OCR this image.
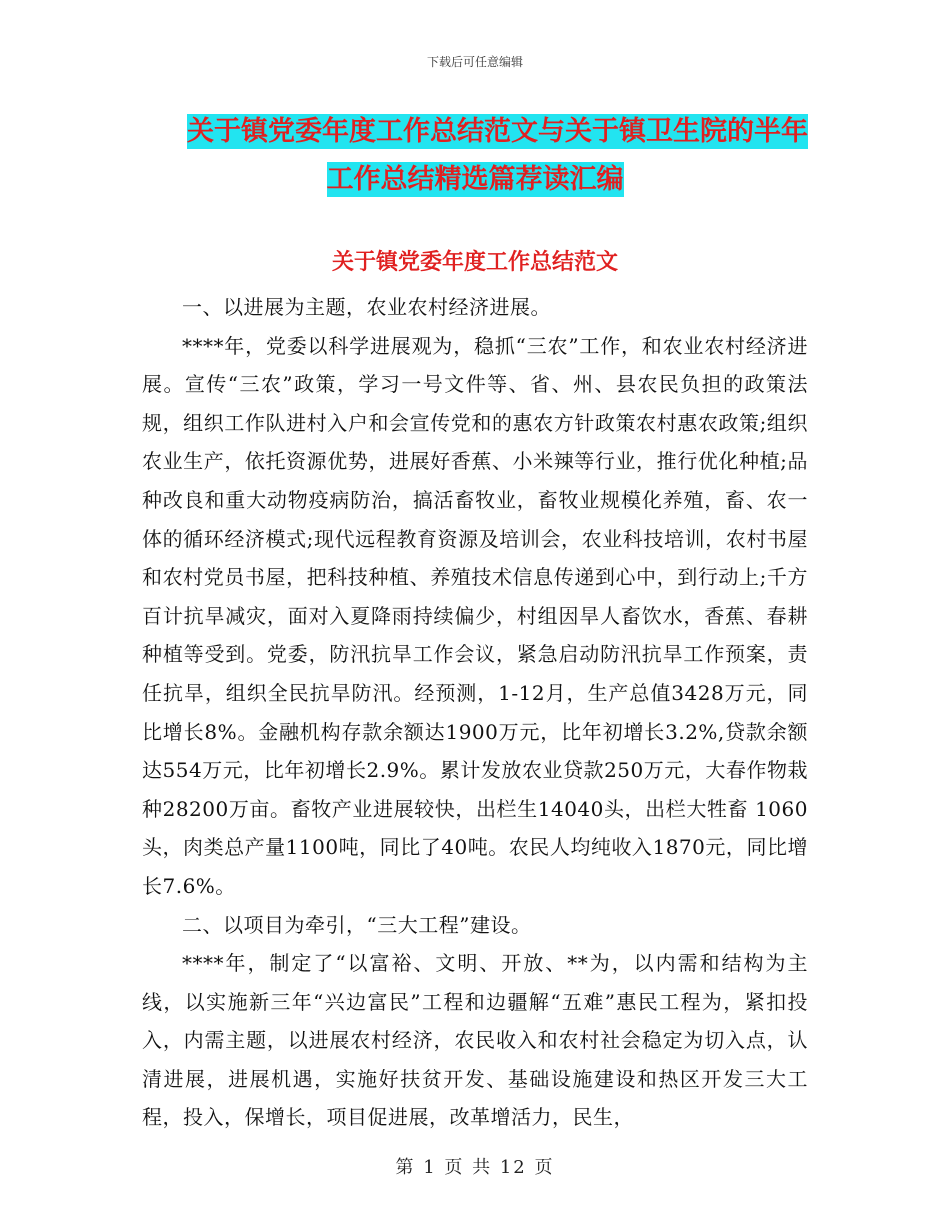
下载后可任意编辑
关于镇党委年度工作总结范文与关于镇卫生院的半年
工作总结精选篇荐读汇编
关于镇党委年度工作总结范文

一、以进展为主题，农业农村经济进展。

****年，党委以科学进展观为，稳抓“三农”工作，和农业农村经济进展。宣传“三农”政策，学习一号文件等、省、州、县农民负担的政策法规，组织工作队进村入户和会宣传党和的惠农方针政策农村惠农政策;组织农业生产，依托资源优势，进展好香蕉、小米辣等行业，推行优化种植;品种改良和重大动物疫病防治，搞活畜牧业，畜牧业规模化养殖，畜、农一体的循环经济模式;现代远程教育资源及培训会，农业科技培训，农村书屋和农村党员书屋，把科技种植、养殖技术信息传递到心中，到行动上;千方百计抗旱减灾，面对入夏降雨持续偏少，村组因旱人畜饮水，香蕉、春耕种植等受到。党委，防汛抗旱工作会议，紧急启动防汛抗旱工作预案，责任抗旱，组织全民抗旱防汛。经预测，1-12月，生产总值3428万元，同比增长8%。金融机构存款余额达1900万元，比年初增长3.2%,贷款余额达554万元，比年初增长2.9%。累计发放农业贷款250万元，大春作物栽种28200万亩。畜牧产业进展较快，出栏生14040头，出栏大牲畜 1060头，肉类总产量1100吨，同比了40吨。农民人均纯收入1870元，同比增长7.6%。

二、以项目为牵引，“三大工程”建设。

****年，制定了“以富裕、文明、开放、**为，以内需和结构为主线，以实施新三年“兴边富民”工程和边疆解“五难”惠民工程为，紧扣投入，内需主题，以进展农村经济，农民收入和农村社会稳定为切入点，认清进展，进展机遇，实施好扶贫开发、基础设施建设和热区开发三大工程，投入，保增长，项目促进展，改革增活力，民生，

第 1 页 共 12 页
